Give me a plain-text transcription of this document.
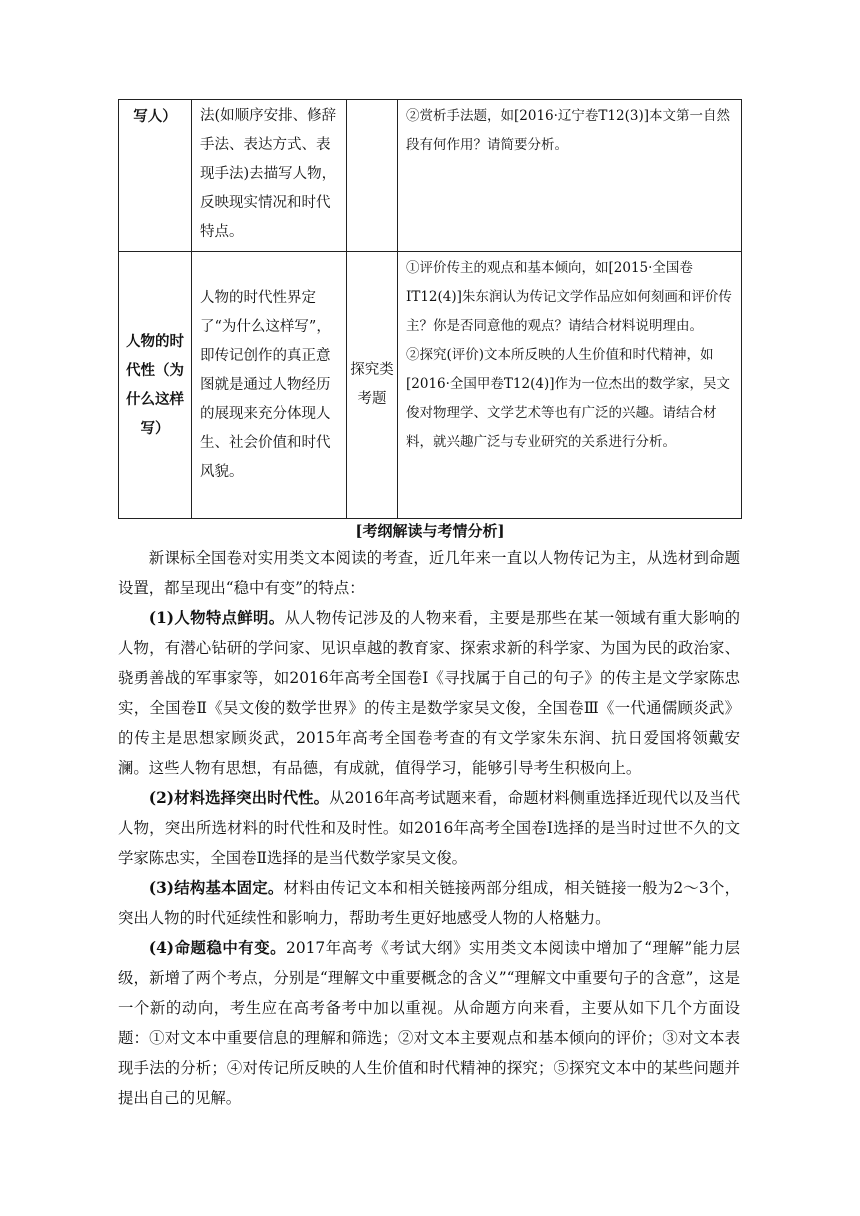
写人）	法(如顺序安排、修辞手法、表达方式、表现手法)去描写人物，反映现实情况和时代特点。		②赏析手法题，如[2016·辽宁卷T12(3)]本文第一自然段有何作用？请简要分析。
人物的时代性（为什么这样写）	人物的时代性界定了“为什么这样写”，即传记创作的真正意图就是通过人物经历的展现来充分体现人生、社会价值和时代风貌。	探究类考题	①评价传主的观点和基本倾向，如[2015·全国卷ⅠT12(4)]朱东润认为传记文学作品应如何刻画和评价传主？你是否同意他的观点？请结合材料说明理由。
②探究(评价)文本所反映的人生价值和时代精神，如[2016·全国甲卷T12(4)]作为一位杰出的数学家，吴文俊对物理学、文学艺术等也有广泛的兴趣。请结合材料，就兴趣广泛与专业研究的关系进行分析。
[考纲解读与考情分析]

新课标全国卷对实用类文本阅读的考查，近几年来一直以人物传记为主，从选材到命题设置，都呈现出“稳中有变”的特点：

(1)人物特点鲜明。从人物传记涉及的人物来看，主要是那些在某一领域有重大影响的人物，有潜心钻研的学问家、见识卓越的教育家、探索求新的科学家、为国为民的政治家、骁勇善战的军事家等，如2016年高考全国卷Ⅰ《寻找属于自己的句子》的传主是文学家陈忠实，全国卷Ⅱ《吴文俊的数学世界》的传主是数学家吴文俊，全国卷Ⅲ《一代通儒顾炎武》的传主是思想家顾炎武，2015年高考全国卷考查的有文学家朱东润、抗日爱国将领戴安澜。这些人物有思想，有品德，有成就，值得学习，能够引导考生积极向上。

(2)材料选择突出时代性。从2016年高考试题来看，命题材料侧重选择近现代以及当代人物，突出所选材料的时代性和及时性。如2016年高考全国卷Ⅰ选择的是当时过世不久的文学家陈忠实，全国卷Ⅱ选择的是当代数学家吴文俊。

(3)结构基本固定。材料由传记文本和相关链接两部分组成，相关链接一般为2～3个，突出人物的时代延续性和影响力，帮助考生更好地感受人物的人格魅力。

(4)命题稳中有变。2017年高考《考试大纲》实用类文本阅读中增加了“理解”能力层级，新增了两个考点，分别是“理解文中重要概念的含义”“理解文中重要句子的含意”，这是一个新的动向，考生应在高考备考中加以重视。从命题方向来看，主要从如下几个方面设题：①对文本中重要信息的理解和筛选；②对文本主要观点和基本倾向的评价；③对文本表现手法的分析；④对传记所反映的人生价值和时代精神的探究；⑤探究文本中的某些问题并提出自己的见解。
